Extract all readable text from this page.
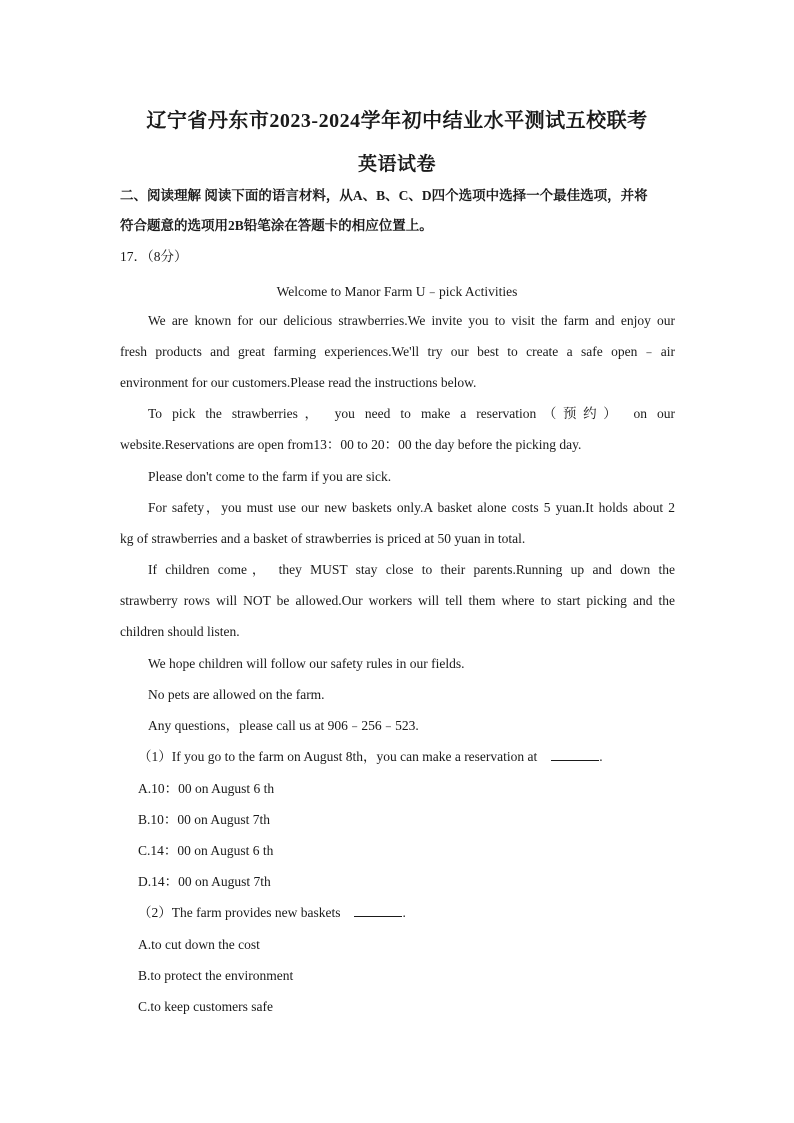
辽宁省丹东市2023-2024学年初中结业水平测试五校联考
英语试卷
二、阅读理解 阅读下面的语言材料，从A、B、C、D四个选项中选择一个最佳选项，并将
符合题意的选项用2B铅笔涂在答题卡的相应位置上。
17．（8分）
Welcome to Manor Farm U﹣pick Activities
We are known for our delicious strawberries.We invite you to visit the farm and enjoy our
fresh products and great farming experiences.We'll try our best to create a safe open﹣air
environment for our customers.Please read the instructions below.
To pick the strawberries， you need to make a reservation（预约） on our
website.Reservations are open from13：00 to 20：00 the day before the picking day.
Please don't come to the farm if you are sick.
For safety，you must use our new baskets only.A basket alone costs 5 yuan.It holds about 2
kg of strawberries and a basket of strawberries is priced at 50 yuan in total.
If children come， they MUST stay close to their parents.Running up and down the
strawberry rows will NOT be allowed.Our workers will tell them where to start picking and the
children should listen.
We hope children will follow our safety rules in our fields.
No pets are allowed on the farm.
Any questions，please call us at 906﹣256﹣523.
（1）If you go to the farm on August 8th，you can make a reservation at	.
A.10：00 on August 6 th
B.10：00 on August 7th
C.14：00 on August 6 th
D.14：00 on August 7th
（2）The farm provides new baskets	.
A.to cut down the cost
B.to protect the environment
C.to keep customers safe
